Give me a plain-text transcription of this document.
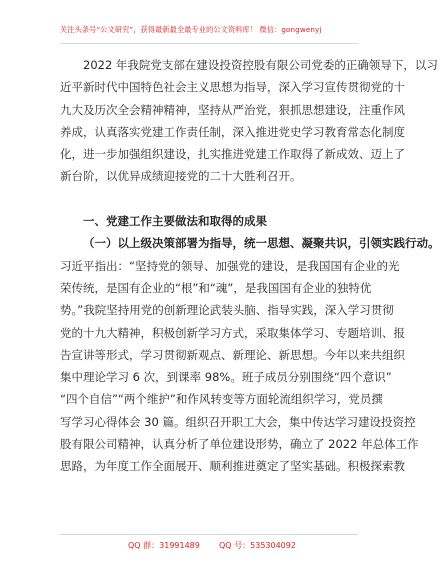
关注头条号“公文研究”，获得最新最全最专业的公文资料库！ 微信：gongwenyj
2022 年我院党支部在建设投资控股有限公司党委的正确领导下，以习
近平新时代中国特色社会主义思想为指导，深入学习宣传贯彻党的十
九大及历次全会精神精神，坚持从严治党，狠抓思想建设，注重作风
养成，认真落实党建工作责任制，深入推进党史学习教育常态化制度
化，进一步加强组织建设，扎实推进党建工作取得了新成效、迈上了
新台阶，以优异成绩迎接党的二十大胜利召开。
一、党建工作主要做法和取得的成果
（一）以上级决策部署为指导，统一思想、凝聚共识，引领实践行动。
习近平指出：“坚持党的领导、加强党的建设，是我国国有企业的光
荣传统，是国有企业的“根”和“魂”，是我国国有企业的独特优
势。”我院坚持用党的创新理论武装头脑、指导实践，深入学习贯彻
党的十九大精神，积极创新学习方式，采取集体学习、专题培训、报
告宣讲等形式，学习贯彻新观点、新理论、新思想。今年以来共组织
集中理论学习 6 次，到课率 98%。班子成员分别围绕“四个意识”
“四个自信”“两个维护”和作风转变等方面轮流组织学习，党员撰
写学习心得体会 30 篇。组织召开职工大会，集中传达学习建设投资控
股有限公司精神，认真分析了单位建设形势，确立了 2022 年总体工作
思路，为年度工作全面展开、顺利推进奠定了坚实基础。积极探索教
QQ 群：31991489 QQ 号：535304092
